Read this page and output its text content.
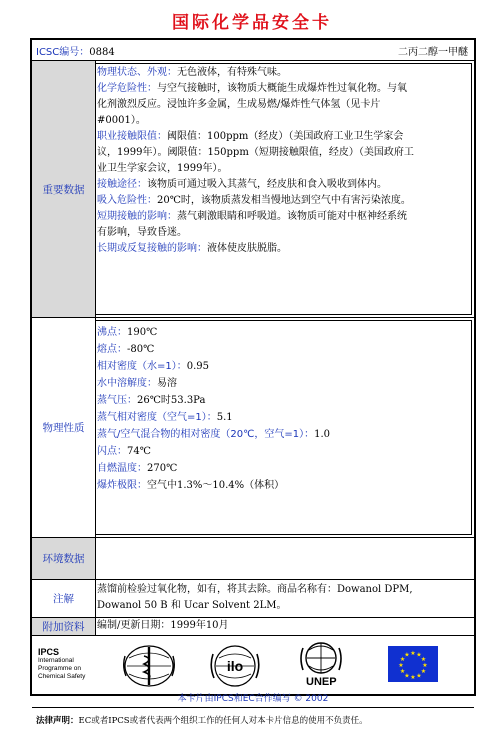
国际化学品安全卡
ICSC编号：0884	二丙二醇一甲醚
重要数据
物理状态、外观：无色液体，有特殊气味。
化学危险性：与空气接触时，该物质大概能生成爆炸性过氧化物。与氧
化剂激烈反应。浸蚀许多金属，生成易燃/爆炸性气体氢（见卡片
#0001）。
职业接触限值：阈限值：100ppm（经皮）（美国政府工业卫生学家会
议，1999年）。阈限值：150ppm（短期接触限值，经皮）（美国政府工
业卫生学家会议，1999年）。
接触途径：该物质可通过吸入其蒸气，经皮肤和食入吸收到体内。
吸入危险性：20℃时，该物质蒸发相当慢地达到空气中有害污染浓度。
短期接触的影响：蒸气刺激眼睛和呼吸道。该物质可能对中枢神经系统
有影响，导致昏迷。
长期或反复接触的影响：液体使皮肤脱脂。
物理性质
沸点：190℃
熔点：-80℃
相对密度（水=1）：0.95
水中溶解度：易溶
蒸气压：26℃时53.3Pa
蒸气相对密度（空气=1）：5.1
蒸气/空气混合物的相对密度（20℃，空气=1）：1.0
闪点：74℃
自燃温度：270℃
爆炸极限：空气中1.3%～10.4%（体积）
环境数据
注解
蒸馏前检验过氧化物，如有，将其去除。商品名称有：Dowanol DPM,
Dowanol 50 B 和 Ucar Solvent 2LM。
附加资料	编制/更新日期：1999年10月
IPCS
International
Programme on
Chemical Safety
ilo
UNEP
★ ★
★
★
★
★
★
★
★
★
★
★
本卡片由IPCS和EC合作编写 © 2002
法律声明：EC或者IPCS或者代表两个组织工作的任何人对本卡片信息的使用不负责任。
